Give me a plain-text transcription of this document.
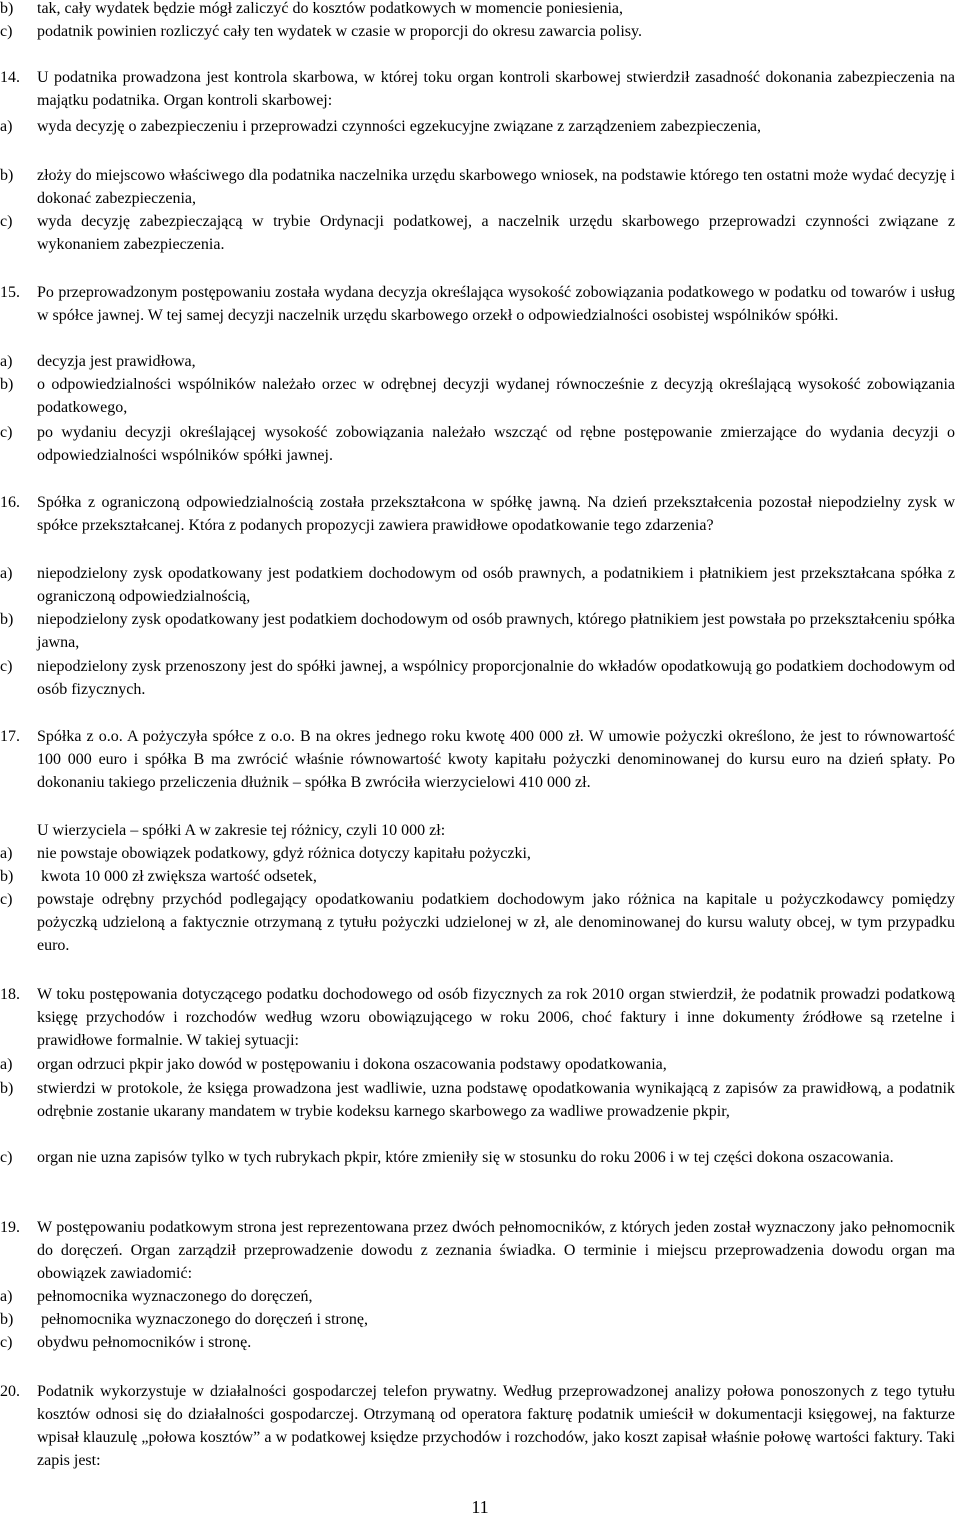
b) tak, cały wydatek będzie mógł zaliczyć do kosztów podatkowych w momencie poniesienia,
c) podatnik powinien rozliczyć cały ten wydatek w czasie w proporcji do okresu zawarcia polisy.
14. U podatnika prowadzona jest kontrola skarbowa, w której toku organ kontroli skarbowej stwierdził zasadność dokonania zabezpieczenia na majątku podatnika. Organ kontroli skarbowej:
a) wyda decyzję o zabezpieczeniu i przeprowadzi czynności egzekucyjne związane z zarządzeniem zabezpieczenia,
b) złoży do miejscowo właściwego dla podatnika naczelnika urzędu skarbowego wniosek, na podstawie którego ten ostatni może wydać decyzję i dokonać zabezpieczenia,
c) wyda decyzję zabezpieczającą w trybie Ordynacji podatkowej, a naczelnik urzędu skarbowego przeprowadzi czynności związane z wykonaniem zabezpieczenia.
15. Po przeprowadzonym postępowaniu została wydana decyzja określająca wysokość zobowiązania podatkowego w podatku od towarów i usług w spółce jawnej. W tej samej decyzji naczelnik urzędu skarbowego orzekł o odpowiedzialności osobistej wspólników spółki.
a) decyzja jest prawidłowa,
b) o odpowiedzialności wspólników należało orzec w odrębnej decyzji wydanej równocześnie z decyzją określającą wysokość zobowiązania podatkowego,
c) po wydaniu decyzji określającej wysokość zobowiązania należało wszcząć od rębne postępowanie zmierzające do wydania decyzji o odpowiedzialności wspólników spółki jawnej.
16. Spółka z ograniczoną odpowiedzialnością została przekształcona w spółkę jawną. Na dzień przekształcenia pozostał niepodzielny zysk w spółce przekształcanej. Która z podanych propozycji zawiera prawidłowe opodatkowanie tego zdarzenia?
a) niepodzielony zysk opodatkowany jest podatkiem dochodowym od osób prawnych, a podatnikiem i płatnikiem jest przekształcana spółka z ograniczoną odpowiedzialnością,
b) niepodzielony zysk opodatkowany jest podatkiem dochodowym od osób prawnych, którego płatnikiem jest powstała po przekształceniu spółka jawna,
c) niepodzielony zysk przenoszony jest do spółki jawnej, a wspólnicy proporcjonalnie do wkładów opodatkowują go podatkiem dochodowym od osób fizycznych.
17. Spółka z o.o. A pożyczyła spółce z o.o. B na okres jednego roku kwotę 400 000 zł. W umowie pożyczki określono, że jest to równowartość 100 000 euro i spółka B ma zwrócić właśnie równowartość kwoty kapitału pożyczki denominowanej do kursu euro na dzień spłaty. Po dokonaniu takiego przeliczenia dłużnik – spółka B zwróciła wierzycielowi 410 000 zł.
U wierzyciela – spółki A w zakresie tej różnicy, czyli 10 000 zł:
a) nie powstaje obowiązek podatkowy, gdyż różnica dotyczy kapitału pożyczki,
b) kwota 10 000 zł zwiększa wartość odsetek,
c) powstaje odrębny przychód podlegający opodatkowaniu podatkiem dochodowym jako różnica na kapitale u pożyczkodawcy pomiędzy pożyczką udzieloną a faktycznie otrzymaną z tytułu pożyczki udzielonej w zł, ale denominowanej do kursu waluty obcej, w tym przypadku euro.
18. W toku postępowania dotyczącego podatku dochodowego od osób fizycznych za rok 2010 organ stwierdził, że podatnik prowadzi podatkową księgę przychodów i rozchodów według wzoru obowiązującego w roku 2006, choć faktury i inne dokumenty źródłowe są rzetelne i prawidłowe formalnie. W takiej sytuacji:
a) organ odrzuci pkpir jako dowód w postępowaniu i dokona oszacowania podstawy opodatkowania,
b) stwierdzi w protokole, że księga prowadzona jest wadliwie, uzna podstawę opodatkowania wynikającą z zapisów za prawidłową, a podatnik odrębnie zostanie ukarany mandatem w trybie kodeksu karnego skarbowego za wadliwe prowadzenie pkpir,
c) organ nie uzna zapisów tylko w tych rubrykach pkpir, które zmieniły się w stosunku do roku 2006 i w tej części dokona oszacowania.
19. W postępowaniu podatkowym strona jest reprezentowana przez dwóch pełnomocników, z których jeden został wyznaczony jako pełnomocnik do doręczeń. Organ zarządził przeprowadzenie dowodu z zeznania świadka. O terminie i miejscu przeprowadzenia dowodu organ ma obowiązek zawiadomić:
a) pełnomocnika wyznaczonego do doręczeń,
b) pełnomocnika wyznaczonego do doręczeń i stronę,
c) obydwu pełnomocników i stronę.
20. Podatnik wykorzystuje w działalności gospodarczej telefon prywatny. Według przeprowadzonej analizy połowa ponoszonych z tego tytułu kosztów odnosi się do działalności gospodarczej. Otrzymaną od operatora fakturę podatnik umieścił w dokumentacji księgowej, na fakturze wpisał klauzulę „połowa kosztów” a w podatkowej księdze przychodów i rozchodów, jako koszt zapisał właśnie połowę wartości faktury. Taki zapis jest:
11
